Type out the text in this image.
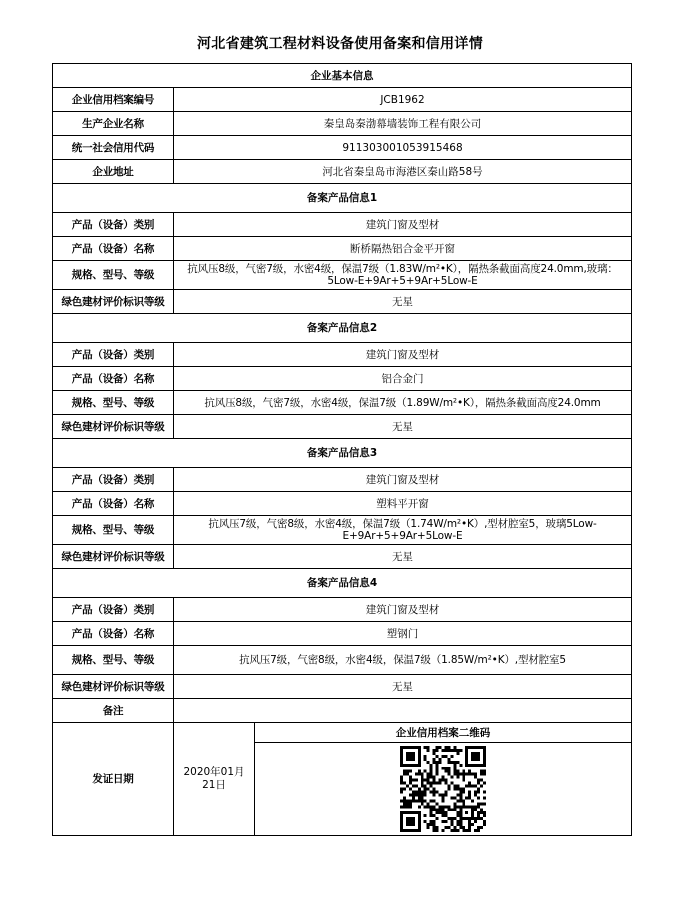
河北省建筑工程材料设备使用备案和信用详情
企业基本信息		
企业信用档案编号	JCB1962	
生产企业名称	秦皇岛秦渤幕墙装饰工程有限公司	
统一社会信用代码	911303001053915468	
企业地址	河北省秦皇岛市海港区秦山路58号	
备案产品信息1		
产品（设备）类别	建筑门窗及型材	
产品（设备）名称	断桥隔热铝合金平开窗	
规格、型号、等级	抗风压8级，气密7级，水密4级，保温7级（1.83W/m²•K），隔热条截面高度24.0mm,玻璃：5Low-E+9Ar+5+9Ar+5Low-E	
绿色建材评价标识等级	无星	
备案产品信息2		
产品（设备）类别	建筑门窗及型材	
产品（设备）名称	铝合金门	
规格、型号、等级	抗风压8级，气密7级，水密4级，保温7级（1.89W/m²•K），隔热条截面高度24.0mm	
绿色建材评价标识等级	无星	
备案产品信息3		
产品（设备）类别	建筑门窗及型材	
产品（设备）名称	塑料平开窗	
规格、型号、等级	抗风压7级，气密8级，水密4级，保温7级（1.74W/m²•K）,型材腔室5，玻璃5Low-E+9Ar+5+9Ar+5Low-E	
绿色建材评价标识等级	无星	
备案产品信息4		
产品（设备）类别	建筑门窗及型材	
产品（设备）名称	塑钢门	
规格、型号、等级	抗风压7级，气密8级，水密4级，保温7级（1.85W/m²•K）,型材腔室5	
绿色建材评价标识等级	无星	
备注		
发证日期	2020年01月21日	企业信用档案二维码
